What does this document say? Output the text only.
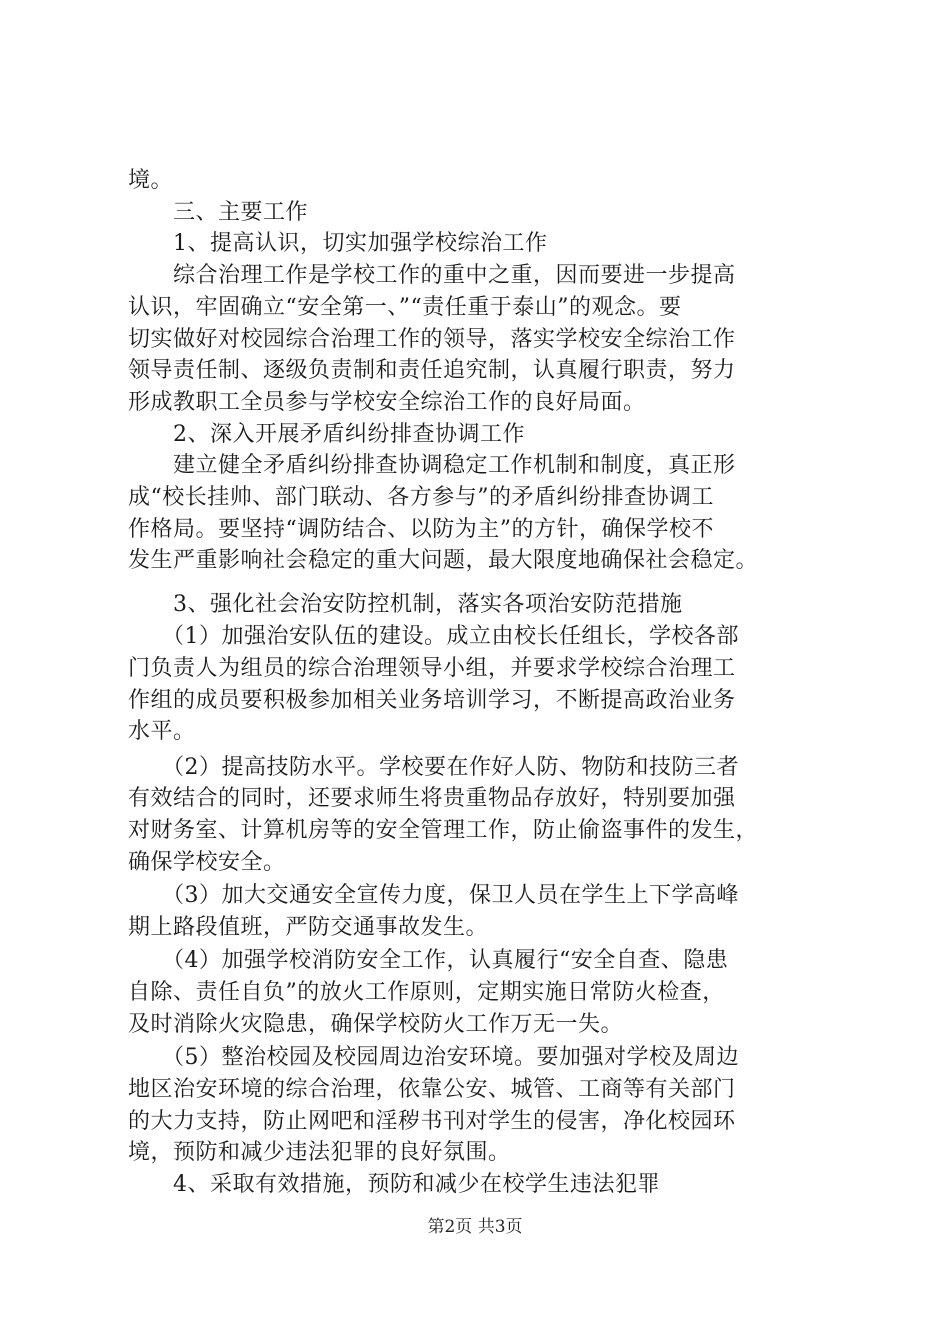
境。
　　三、主要工作
　　1、提高认识，切实加强学校综治工作
　　综合治理工作是学校工作的重中之重，因而要进一步提高
认识，牢固确立“安全第一、”“责任重于泰山”的观念。要
切实做好对校园综合治理工作的领导，落实学校安全综治工作
领导责任制、逐级负责制和责任追究制，认真履行职责，努力
形成教职工全员参与学校安全综治工作的良好局面。
　　2、深入开展矛盾纠纷排查协调工作
　　建立健全矛盾纠纷排查协调稳定工作机制和制度，真正形
成“校长挂帅、部门联动、各方参与”的矛盾纠纷排查协调工
作格局。要坚持“调防结合、以防为主”的方针，确保学校不
发生严重影响社会稳定的重大问题，最大限度地确保社会稳定。
　　3、强化社会治安防控机制，落实各项治安防范措施
　　（1）加强治安队伍的建设。成立由校长任组长，学校各部
门负责人为组员的综合治理领导小组，并要求学校综合治理工
作组的成员要积极参加相关业务培训学习，不断提高政治业务
水平。
　　（2）提高技防水平。学校要在作好人防、物防和技防三者
有效结合的同时，还要求师生将贵重物品存放好，特别要加强
对财务室、计算机房等的安全管理工作，防止偷盗事件的发生，
确保学校安全。
　　（3）加大交通安全宣传力度，保卫人员在学生上下学高峰
期上路段值班，严防交通事故发生。
　　（4）加强学校消防安全工作，认真履行“安全自查、隐患
自除、责任自负”的放火工作原则，定期实施日常防火检查，
及时消除火灾隐患，确保学校防火工作万无一失。
　　（5）整治校园及校园周边治安环境。要加强对学校及周边
地区治安环境的综合治理，依靠公安、城管、工商等有关部门
的大力支持，防止网吧和淫秽书刊对学生的侵害，净化校园环
境，预防和减少违法犯罪的良好氛围。
　　4、采取有效措施，预防和减少在校学生违法犯罪
第2页 共3页
